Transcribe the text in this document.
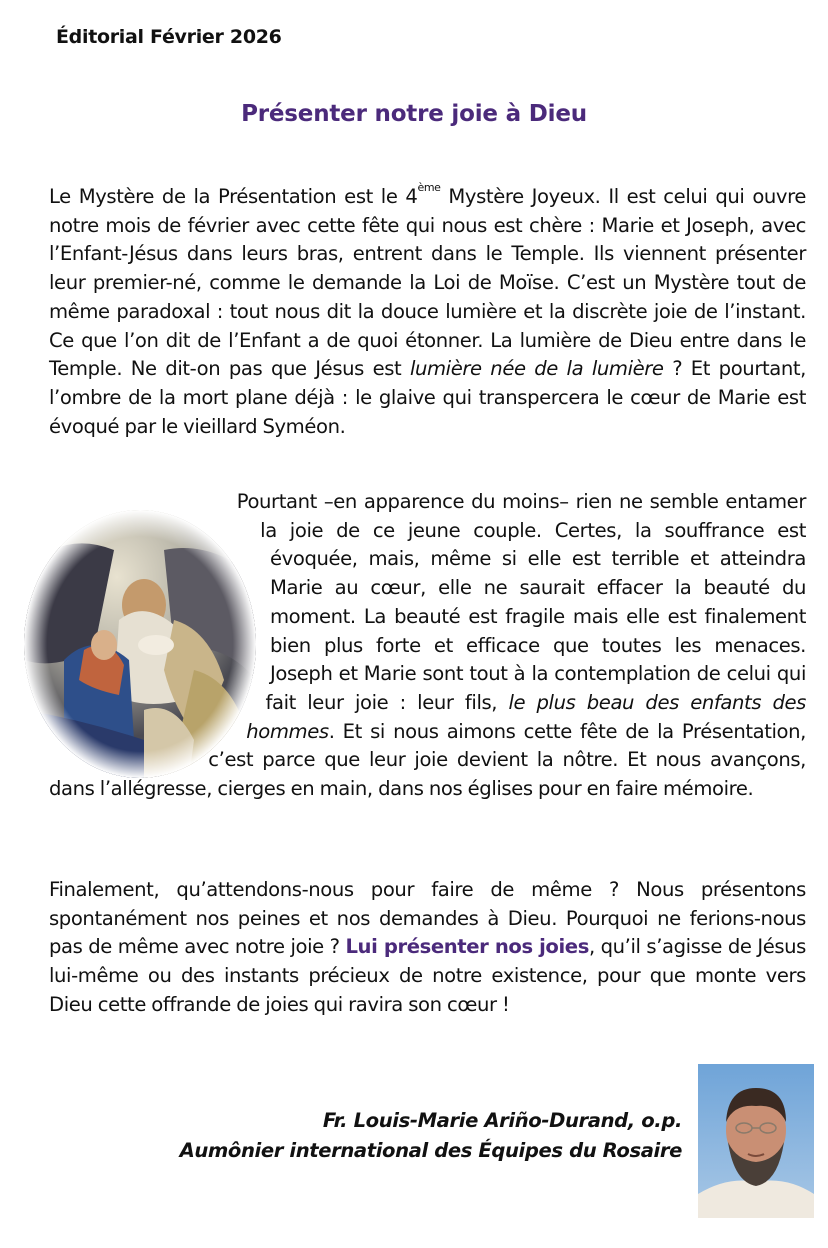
Éditorial Février 2026
Présenter notre joie à Dieu

Le Mystère de la Présentation est le 4ème Mystère Joyeux. Il est celui qui ouvre notre mois de février avec cette fête qui nous est chère : Marie et Joseph, avec l’Enfant-Jésus dans leurs bras, entrent dans le Temple. Ils viennent présenter leur premier-né, comme le demande la Loi de Moïse. C’est un Mystère tout de même paradoxal : tout nous dit la douce lumière et la discrète joie de l’instant. Ce que l’on dit de l’Enfant a de quoi étonner. La lumière de Dieu entre dans le Temple. Ne dit-on pas que Jésus est lumière née de la lumière ? Et pourtant, l’ombre de la mort plane déjà : le glaive qui transpercera le cœur de Marie est évoqué par le vieillard Syméon.

Pourtant –en apparence du moins– rien ne semble entamer la joie de ce jeune couple. Certes, la souffrance est évoquée, mais, même si elle est terrible et atteindra Marie au cœur, elle ne saurait effacer la beauté du moment. La beauté est fragile mais elle est finalement bien plus forte et efficace que toutes les menaces. Joseph et Marie sont tout à la contemplation de celui qui fait leur joie : leur fils, le plus beau des enfants des hommes. Et si nous aimons cette fête de la Présentation, c’est parce que leur joie devient la nôtre. Et nous avançons, dans l’allégresse, cierges en main, dans nos églises pour en faire mémoire.

Finalement, qu’attendons-nous pour faire de même ? Nous présentons spontanément nos peines et nos demandes à Dieu. Pourquoi ne ferions-nous pas de même avec notre joie ? Lui présenter nos joies, qu’il s’agisse de Jésus lui-même ou des instants précieux de notre existence, pour que monte vers Dieu cette offrande de joies qui ravira son cœur !

Fr. Louis-Marie Ariño-Durand, o.p.
Aumônier international des Équipes du Rosaire
